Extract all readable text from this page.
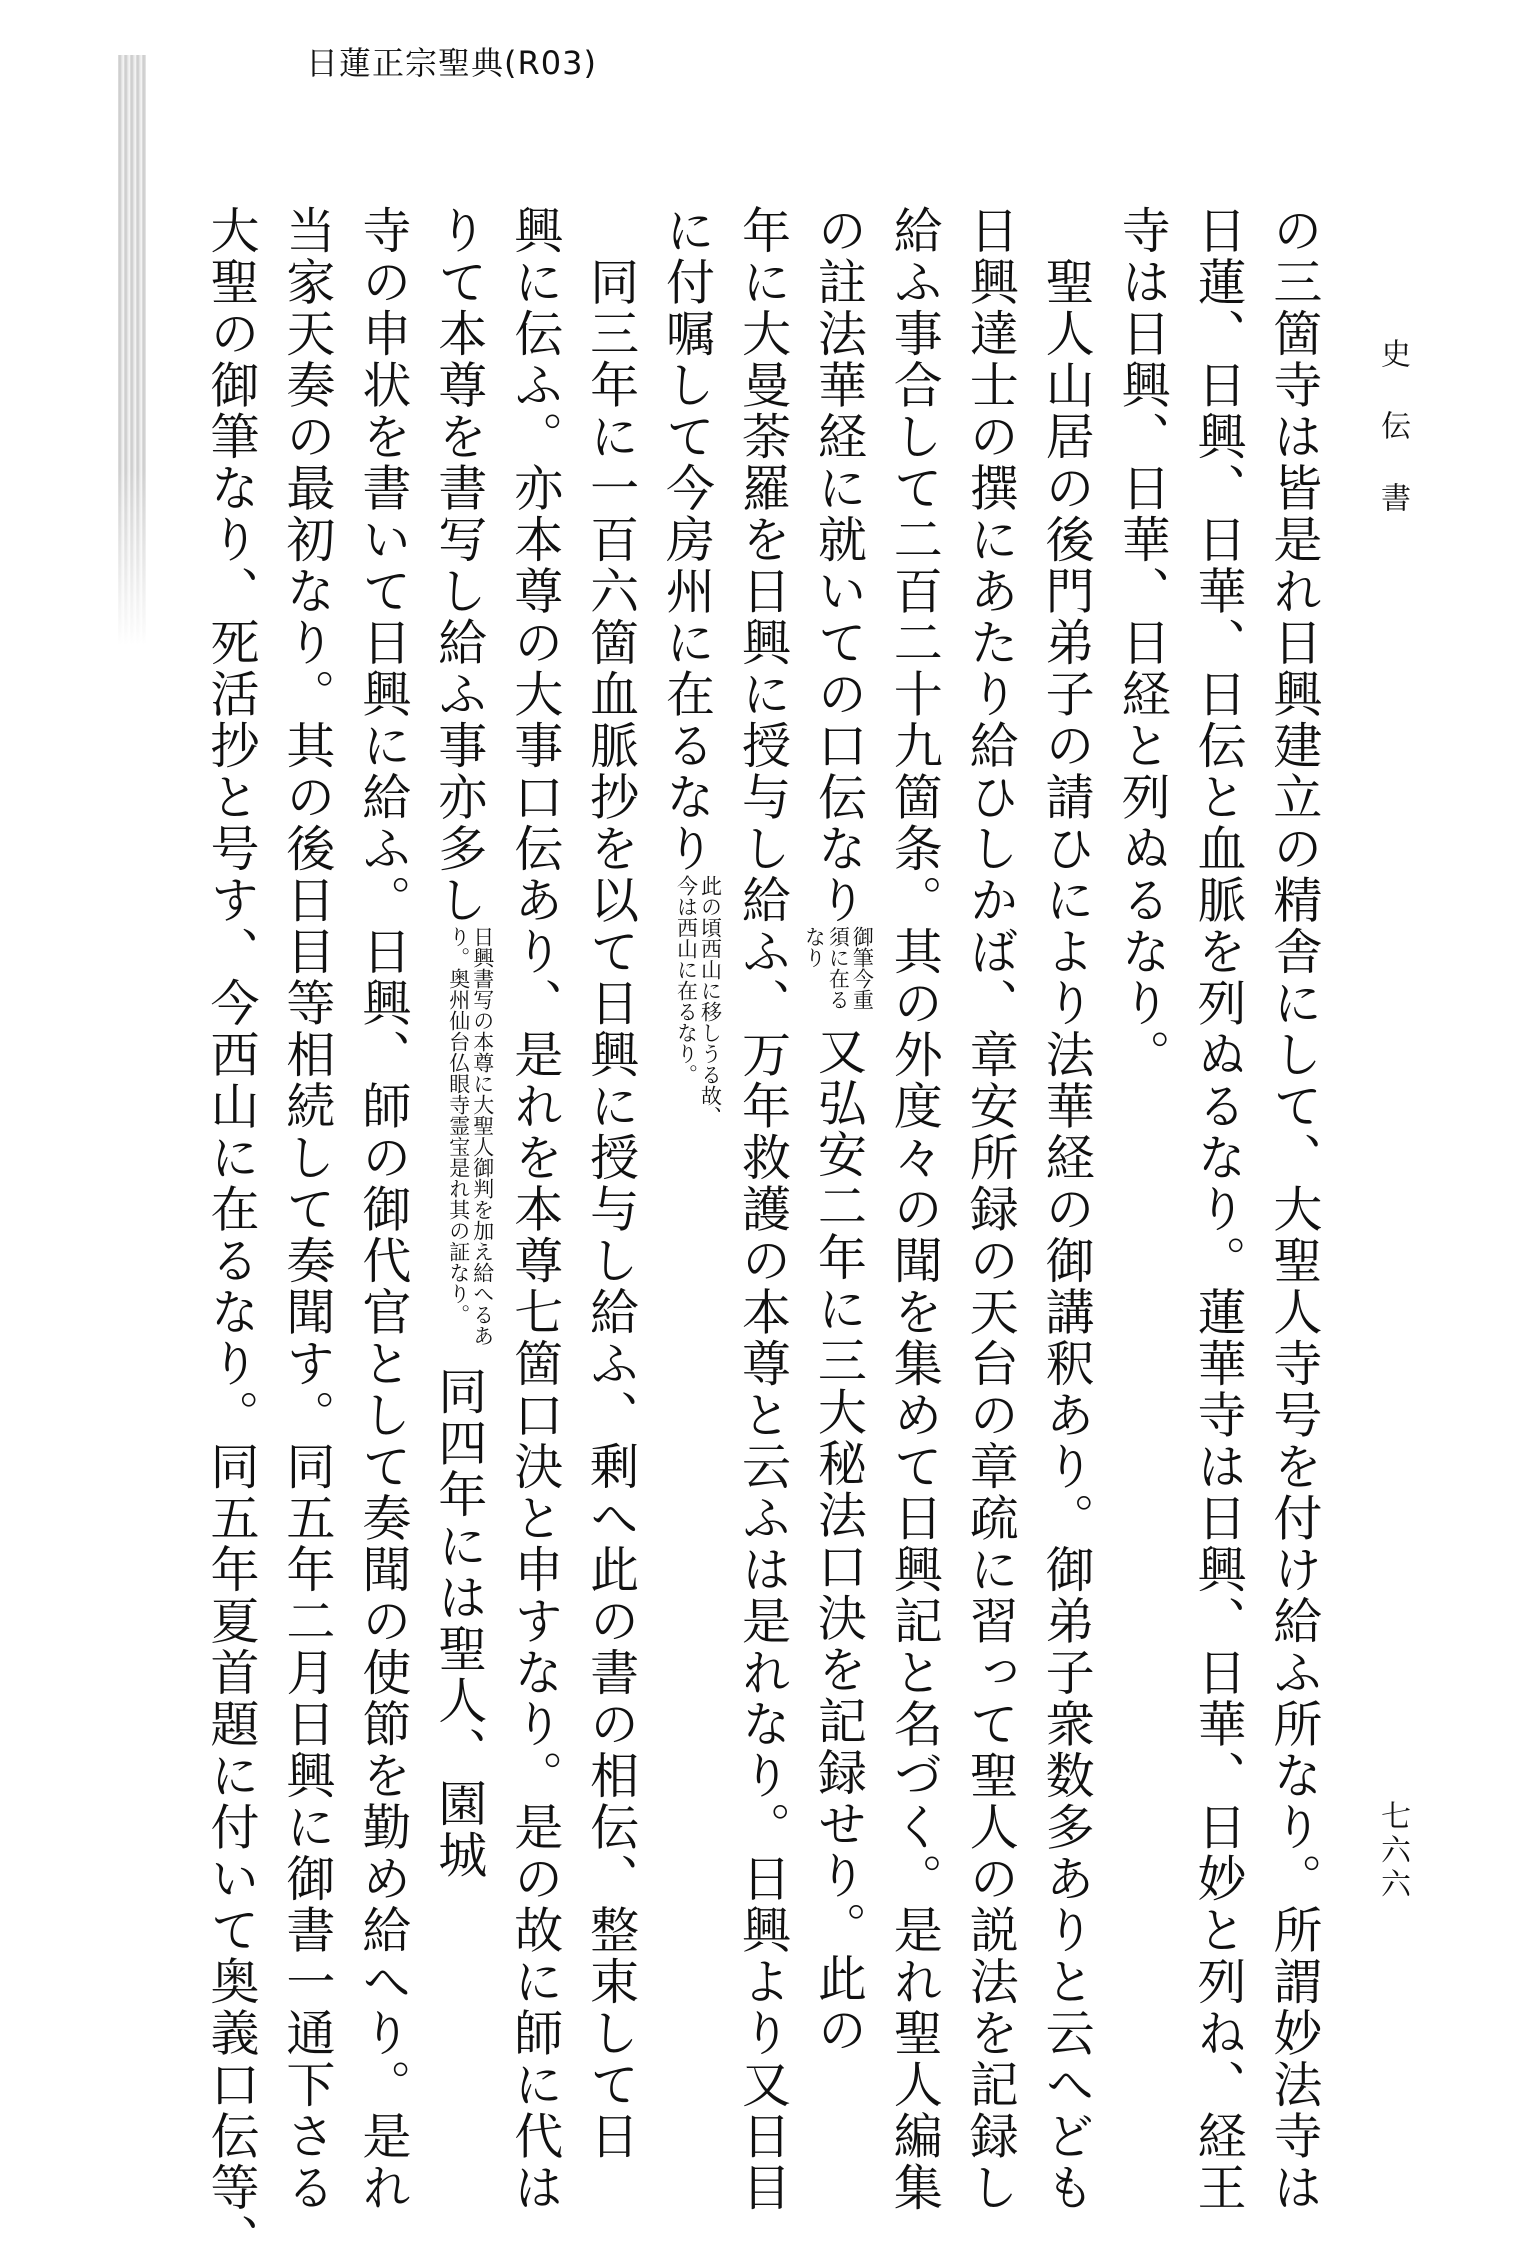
日蓮正宗聖典(R03)
史伝書
七六六
の三箇寺は皆是れ日興建立の精舎にして、大聖人寺号を付け給ふ所なり。所謂妙法寺は
日蓮、日興、日華、日伝と血脈を列ぬるなり。蓮華寺は日興、日華、日妙と列ね、経王
寺は日興、日華、日経と列ぬるなり。
　聖人山居の後門弟子の請ひにより法華経の御講釈あり。御弟子衆数多ありと云へども
日興達士の撰にあたり給ひしかば、章安所録の天台の章疏に習って聖人の説法を記録し
給ふ事合して二百二十九箇条。其の外度々の聞を集めて日興記と名づく。是れ聖人編集
の註法華経に就いての口伝なり御筆今重須に在るなり又弘安二年に三大秘法口決を記録せり。此の
年に大曼荼羅を日興に授与し給ふ、万年救護の本尊と云ふは是れなり。日興より又日目
に付嘱して今房州に在るなり此の頃西山に移しうる故、今は西山に在るなり。
　同三年に一百六箇血脈抄を以て日興に授与し給ふ、剰へ此の書の相伝、整束して日
興に伝ふ。亦本尊の大事口伝あり、是れを本尊七箇口決と申すなり。是の故に師に代は
りて本尊を書写し給ふ事亦多し日興書写の本尊に大聖人御判を加え給へるあり。奥州仙台仏眼寺霊宝是れ其の証なり。同四年には聖人、園城
寺の申状を書いて日興に給ふ。日興、師の御代官として奏聞の使節を勤め給へり。是れ
当家天奏の最初なり。其の後日目等相続して奏聞す。同五年二月日興に御書一通下さる
大聖の御筆なり、死活抄と号す、今西山に在るなり。同五年夏首題に付いて奥義口伝等、
